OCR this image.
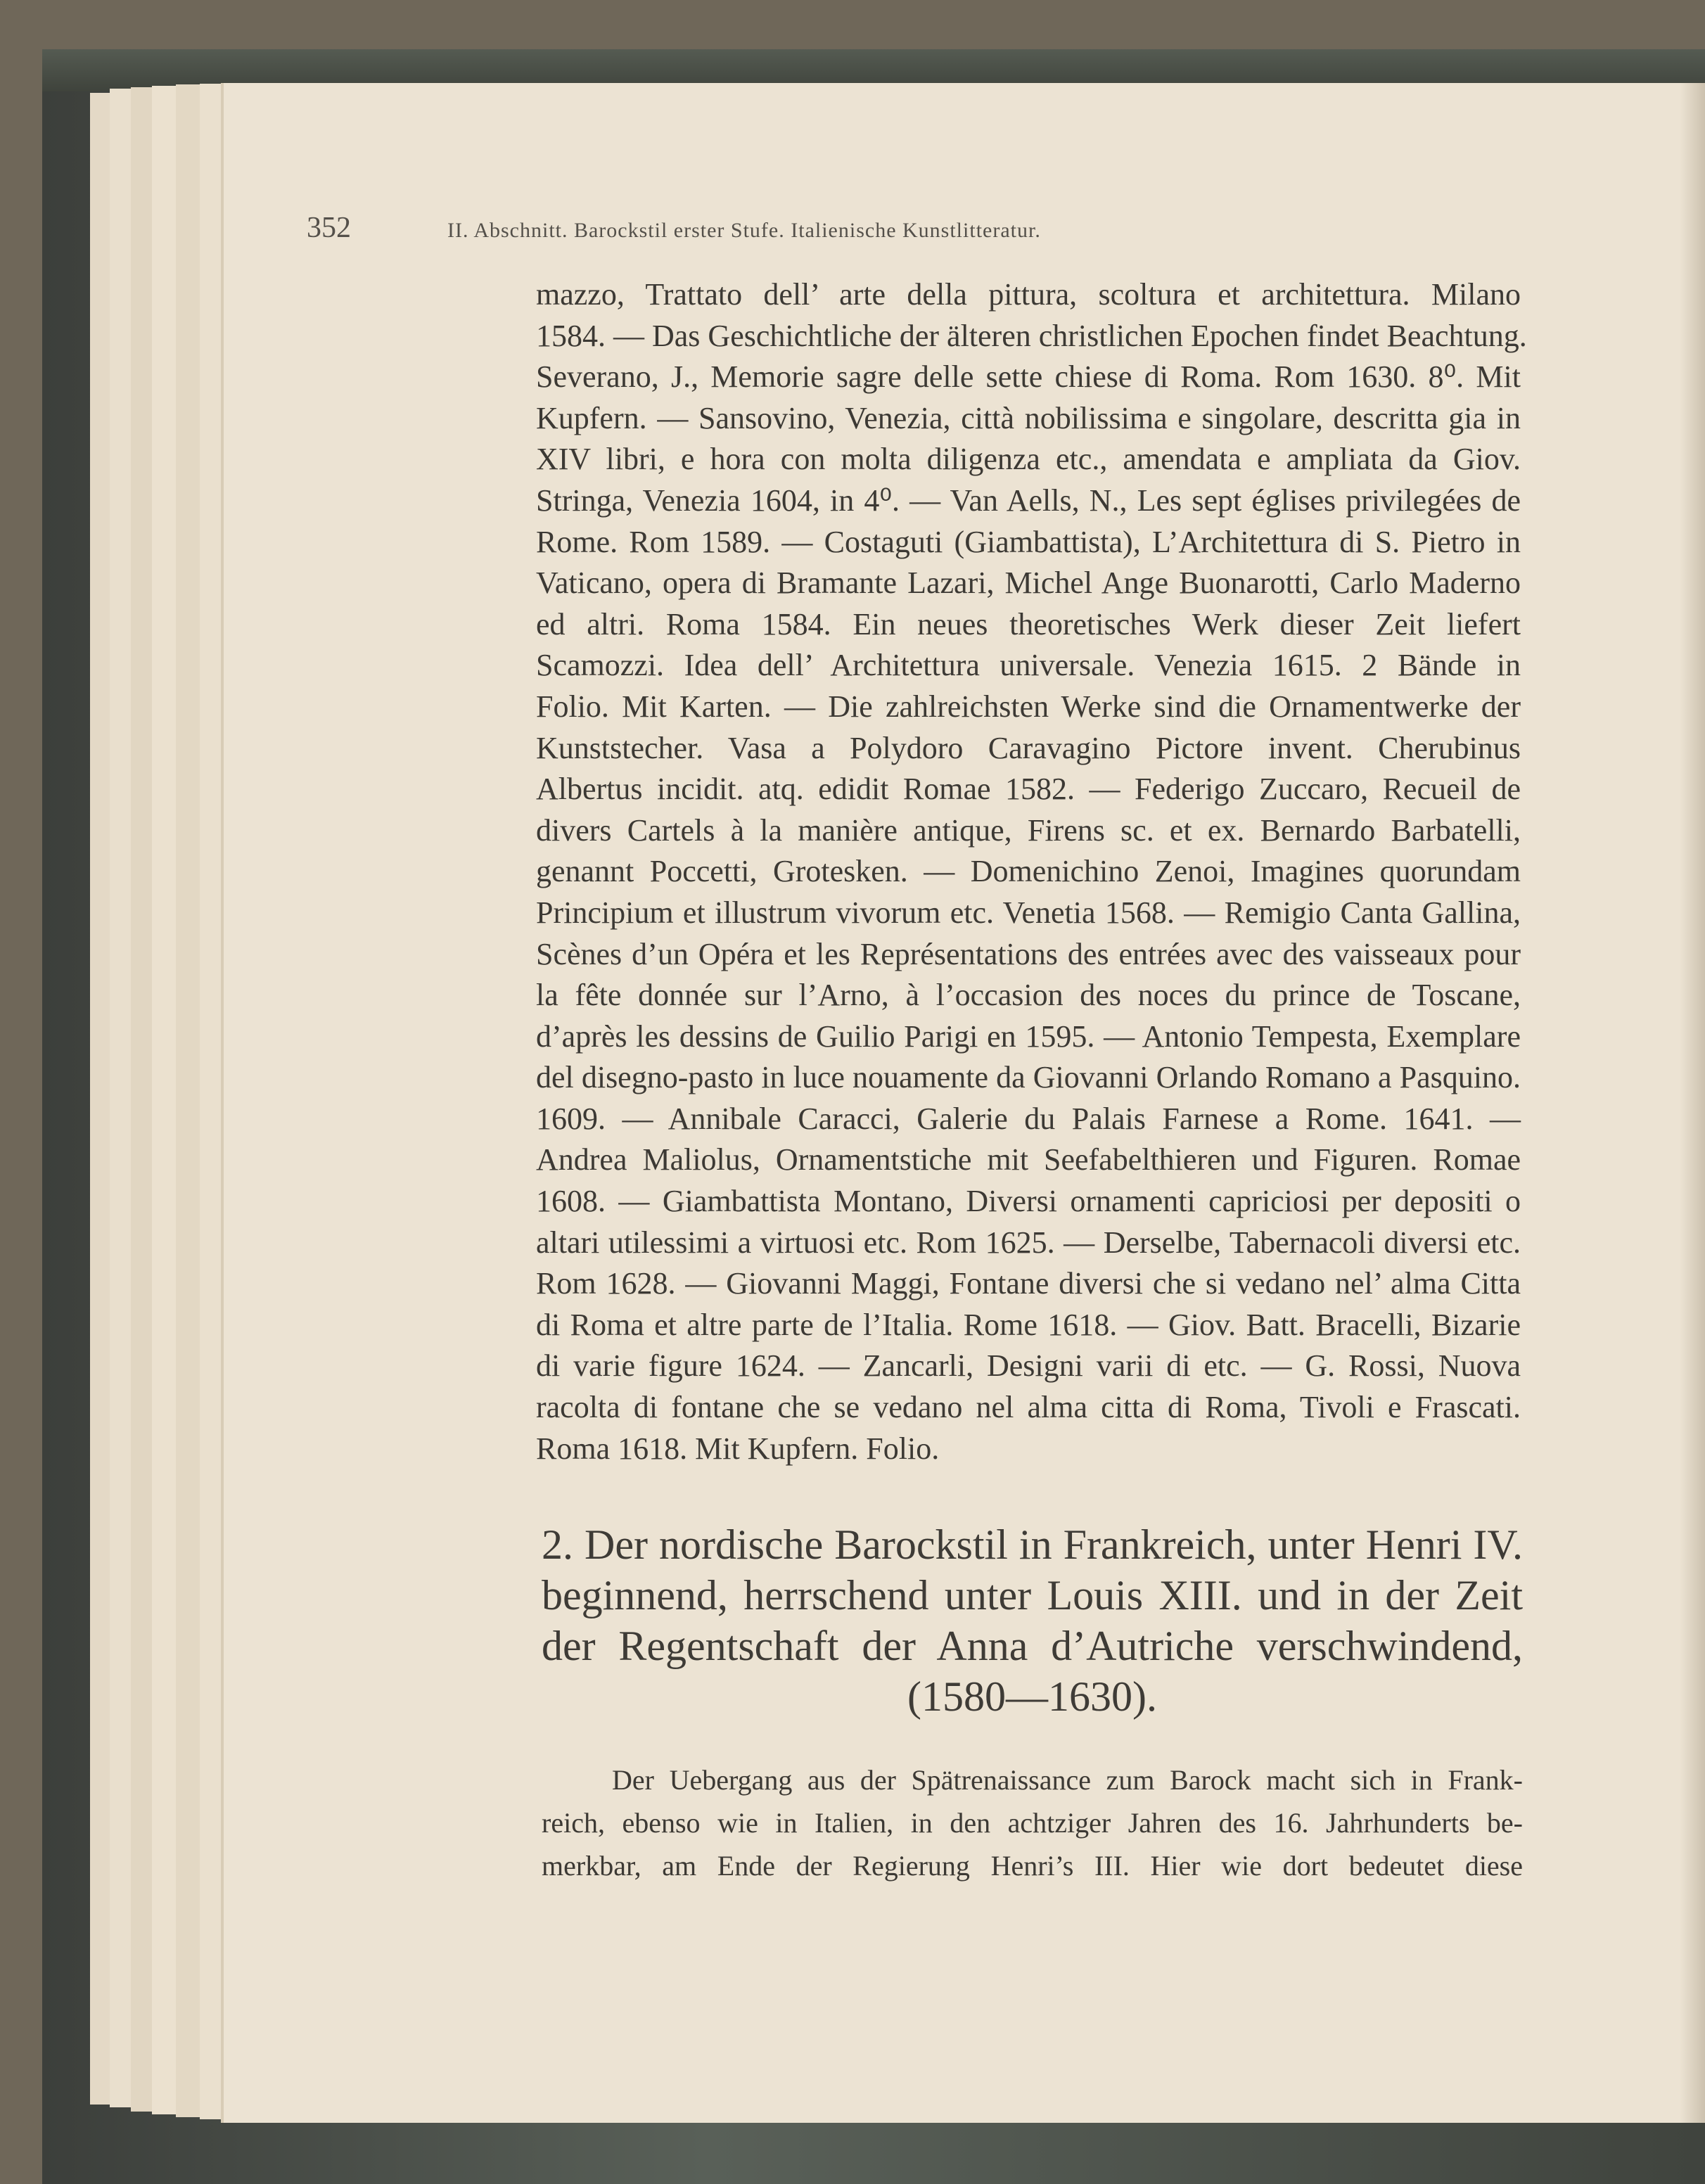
352	II. Abschnitt. Barockstil erster Stufe. Italienische Kunstlitteratur.
mazzo, Trattato dell’ arte della pittura, scoltura et architettura. Milano
1584. — Das Geschichtliche der älteren christlichen Epochen findet Beachtung.
Severano, J., Memorie sagre delle sette chiese di Roma. Rom 1630. 8⁰. Mit
Kupfern. — Sansovino, Venezia, città nobilissima e singolare, descritta gia in
XIV libri, e hora con molta diligenza etc., amendata e ampliata da Giov.
Stringa, Venezia 1604, in 4⁰. — Van Aells, N., Les sept églises privilegées de
Rome. Rom 1589. — Costaguti (Giambattista), L’Architettura di S. Pietro in
Vaticano, opera di Bramante Lazari, Michel Ange Buonarotti, Carlo Maderno
ed altri. Roma 1584. Ein neues theoretisches Werk dieser Zeit liefert
Scamozzi. Idea dell’ Architettura universale. Venezia 1615. 2 Bände in
Folio. Mit Karten. — Die zahlreichsten Werke sind die Ornamentwerke der
Kunststecher. Vasa a Polydoro Caravagino Pictore invent. Cherubinus
Albertus incidit. atq. edidit Romae 1582. — Federigo Zuccaro, Recueil de
divers Cartels à la manière antique, Firens sc. et ex. Bernardo Barbatelli,
genannt Poccetti, Grotesken. — Domenichino Zenoi, Imagines quorundam
Principium et illustrum vivorum etc. Venetia 1568. — Remigio Canta Gallina,
Scènes d’un Opéra et les Représentations des entrées avec des vaisseaux pour
la fête donnée sur l’Arno, à l’occasion des noces du prince de Toscane,
d’après les dessins de Guilio Parigi en 1595. — Antonio Tempesta, Exemplare
del disegno-pasto in luce nouamente da Giovanni Orlando Romano a Pasquino.
1609. — Annibale Caracci, Galerie du Palais Farnese a Rome. 1641. —
Andrea Maliolus, Ornamentstiche mit Seefabelthieren und Figuren. Romae
1608. — Giambattista Montano, Diversi ornamenti capriciosi per depositi o
altari utilessimi a virtuosi etc. Rom 1625. — Derselbe, Tabernacoli diversi etc.
Rom 1628. — Giovanni Maggi, Fontane diversi che si vedano nel’ alma Citta
di Roma et altre parte de l’Italia. Rome 1618. — Giov. Batt. Bracelli, Bizarie
di varie figure 1624. — Zancarli, Designi varii di etc. — G. Rossi, Nuova
racolta di fontane che se vedano nel alma citta di Roma, Tivoli e Frascati.
Roma 1618. Mit Kupfern. Folio.
2. Der nordische Barockstil in Frankreich, unter Henri IV.
beginnend, herrschend unter Louis XIII. und in der Zeit
der Regentschaft der Anna d’Autriche verschwindend,
(1580—1630).
Der Uebergang aus der Spätrenaissance zum Barock macht sich in Frank-
reich, ebenso wie in Italien, in den achtziger Jahren des 16. Jahrhunderts be-
merkbar, am Ende der Regierung Henri’s III. Hier wie dort bedeutet diese
